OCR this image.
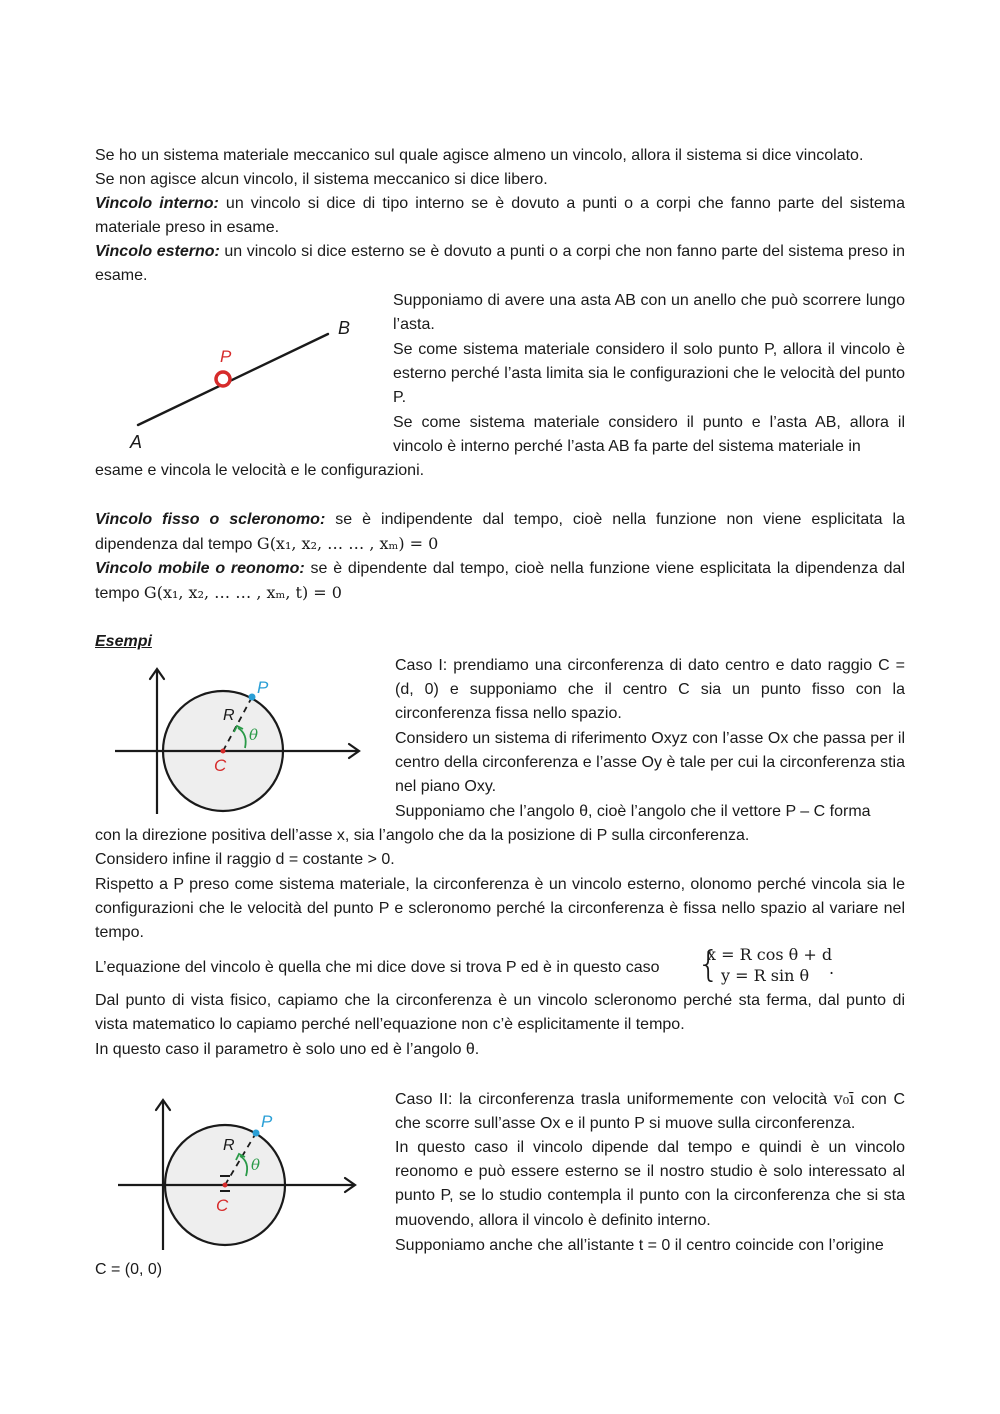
Se ho un sistema materiale meccanico sul quale agisce almeno un vincolo, allora il sistema si dice vincolato.
Se non agisce alcun vincolo, il sistema meccanico si dice libero.
Vincolo interno: un vincolo si dice di tipo interno se è dovuto a punti o a corpi che fanno parte del sistema materiale preso in esame.
Vincolo esterno: un vincolo si dice esterno se è dovuto a punti o a corpi che non fanno parte del sistema preso in esame.
A
B
P
Supponiamo di avere una asta AB con un anello che può scorrere lungo l’asta.
Se come sistema materiale considero il solo punto P, allora il vincolo è esterno perché l’asta limita sia le configurazioni che le velocità del punto P.
Se come sistema materiale considero il punto e l’asta AB, allora il vincolo è interno perché l’asta AB fa parte del sistema materiale in
esame e vincola le velocità e le configurazioni.
Vincolo fisso o scleronomo: se è indipendente dal tempo, cioè nella funzione non viene esplicitata la dipendenza dal tempo G(x₁, x₂, … … , xₘ) = 0
Vincolo mobile o reonomo: se è dipendente dal tempo, cioè nella funzione viene esplicitata la dipendenza dal tempo G(x₁, x₂, … … , xₘ, t) = 0
Esempi
P
R
C
θ
Caso I: prendiamo una circonferenza di dato centro e dato raggio C = (d, 0) e supponiamo che il centro C sia un punto fisso con la circonferenza fissa nello spazio.
Considero un sistema di riferimento Oxyz con l’asse Ox che passa per il centro della circonferenza e l’asse Oy è tale per cui la circonferenza stia nel piano Oxy.
Supponiamo che l’angolo θ, cioè l’angolo che il vettore P – C forma
con la direzione positiva dell’asse x, sia l’angolo che da la posizione di P sulla circonferenza.
Considero infine il raggio d = costante > 0.
Rispetto a P preso come sistema materiale, la circonferenza è un vincolo esterno, olonomo perché vincola sia le configurazioni che le velocità del punto P e scleronomo perché la circonferenza è fissa nello spazio al variare nel tempo.
L’equazione del vincolo è quella che mi dice dove si trova P ed è in questo caso {
x = R cos θ + d
y = R sin θ .
Dal punto di vista fisico, capiamo che la circonferenza è un vincolo scleronomo perché sta ferma, dal punto di vista matematico lo capiamo perché nell’equazione non c’è esplicitamente il tempo.
In questo caso il parametro è solo uno ed è l’angolo θ.
P
R
C
θ
Caso II: la circonferenza trasla uniformemente con velocità v₀ī con C che scorre sull’asse Ox e il punto P si muove sulla circonferenza.
In questo caso il vincolo dipende dal tempo e quindi è un vincolo reonomo e può essere esterno se il nostro studio è solo interessato al punto P, se lo studio contempla il punto con la circonferenza che si sta muovendo, allora il vincolo è definito interno.
Supponiamo anche che all’istante t = 0 il centro coincide con l’origine
C = (0, 0)
